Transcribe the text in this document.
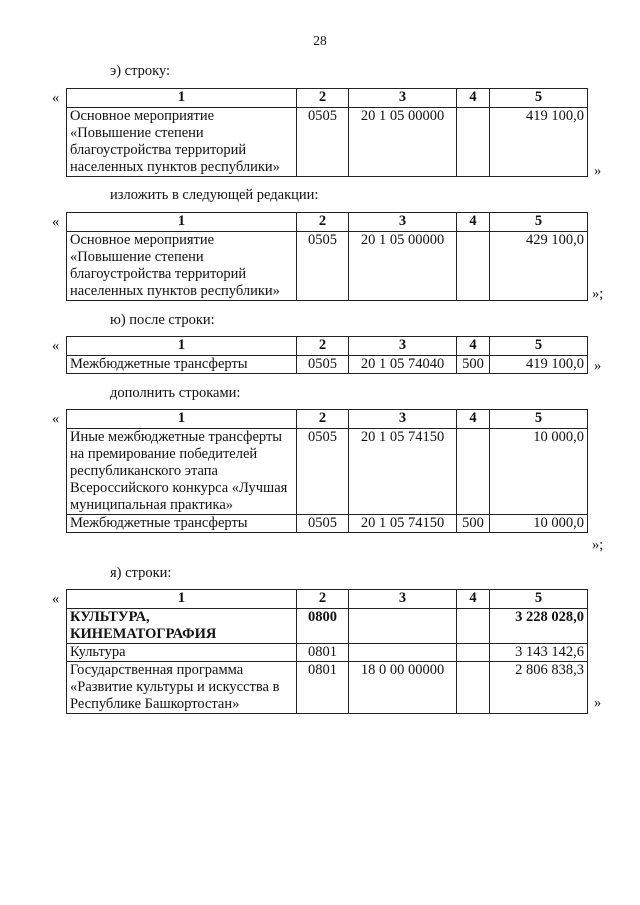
28
э) строку:
«	1	2	3	4	5
Основное мероприятие «Повышение степени благоустройства территорий населенных пунктов республики»	0505	20 1 05 00000		419 100,0
»
изложить в следующей редакции:
«	1	2	3	4	5
Основное мероприятие «Повышение степени благоустройства территорий населенных пунктов республики»	0505	20 1 05 00000		429 100,0
»;
ю) после строки:
«	1	2	3	4	5
Межбюджетные трансферты	0505	20 1 05 74040	500	419 100,0 »
дополнить строками:
«	1	2	3	4	5
Иные межбюджетные трансферты на премирование победителей республиканского этапа Всероссийского конкурса «Лучшая муниципальная практика»	0505	20 1 05 74150		10 000,0
Межбюджетные трансферты	0505	20 1 05 74150	500	10 000,0
»;
я) строки:
«	1	2	3	4	5
КУЛЬТУРА, КИНЕМАТОГРАФИЯ	0800			3 228 028,0
Культура	0801			3 143 142,6
Государственная программа «Развитие культуры и искусства в Республике Башкортостан»	0801	18 0 00 00000		2 806 838,3
»
